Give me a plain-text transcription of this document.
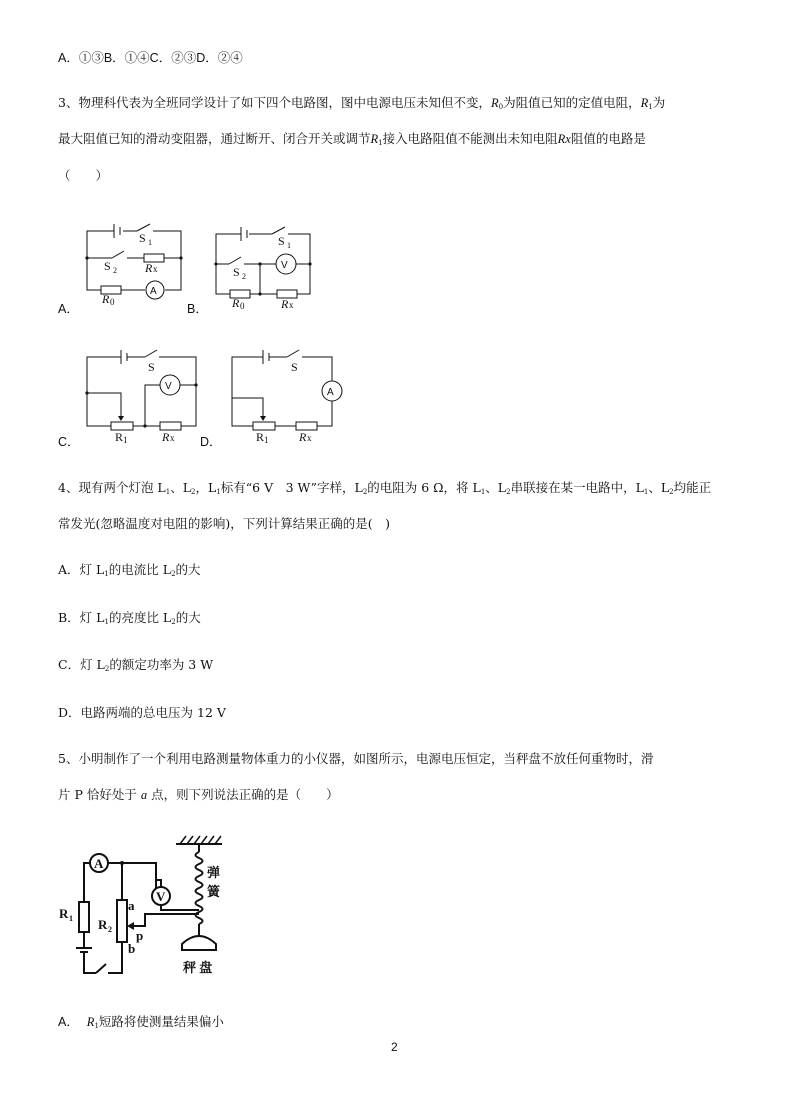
A．①③B．①④C．②③D．②④
3、物理科代表为全班同学设计了如下四个电路图，图中电源电压未知但不变，$R_0$为阻值已知的定值电阻，$R_1$为
最大阻值已知的滑动变阻器，通过断开、闭合开关或调节$R_1$接入电路阻值不能测出未知电阻Rx阻值的电路是
（　　）
S 1
S 2 R x
R 0
A
S 1
S 2
V
R 0	R x
S
V
R 1	R x
S
A
R 1	R x
A．	B．
C．	D．
4、现有两个灯泡 $L_1$、$L_2$，$L_1$标有“6 V　3 W”字样，$L_2$的电阻为 6 Ω，将 $L_1$、$L_2$串联接在某一电路中，$L_1$、$L_2$均能正
常发光(忽略温度对电阻的影响)，下列计算结果正确的是(　)
A．灯 $L_1$的电流比 $L_2$的大
B．灯 $L_1$的亮度比 $L_2$的大
C．灯 $L_2$的额定功率为 3 W
D．电路两端的总电压为 12 V
5、小明制作了一个利用电路测量物体重力的小仪器，如图所示，电源电压恒定，当秤盘不放任何重物时，滑
片 P 恰好处于 a 点，则下列说法正确的是（　　）
A
V
R 1 R 2
a
b
p
弹
簧
秤 盘
A． $R_1$短路将使测量结果偏小
2
